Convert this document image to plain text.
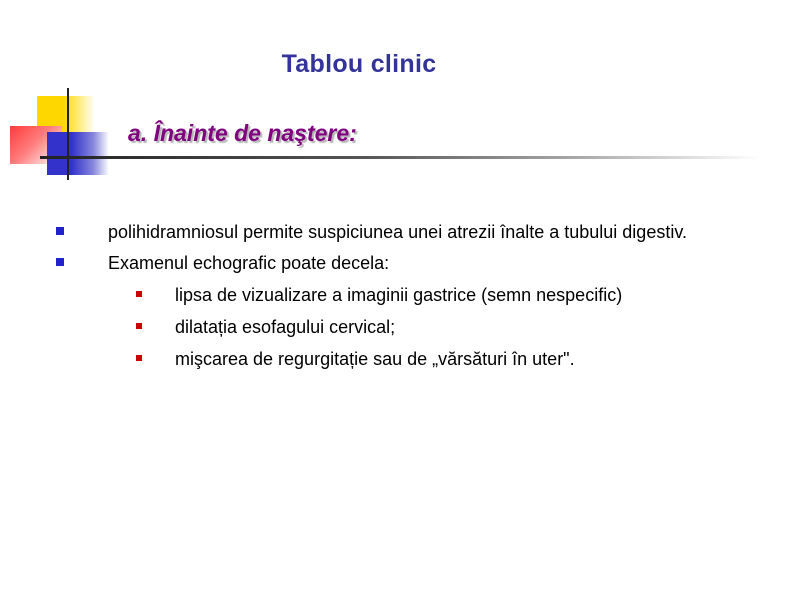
Tablou clinic
a. Înainte de naştere:
polihidramniosul permite suspiciunea unei atrezii înalte a tubului digestiv.
Examenul echografic poate decela:
lipsa de vizualizare a imaginii gastrice (semn nespecific)
dilatația esofagului cervical;
mişcarea de regurgitație sau de „vărsături în uter".
